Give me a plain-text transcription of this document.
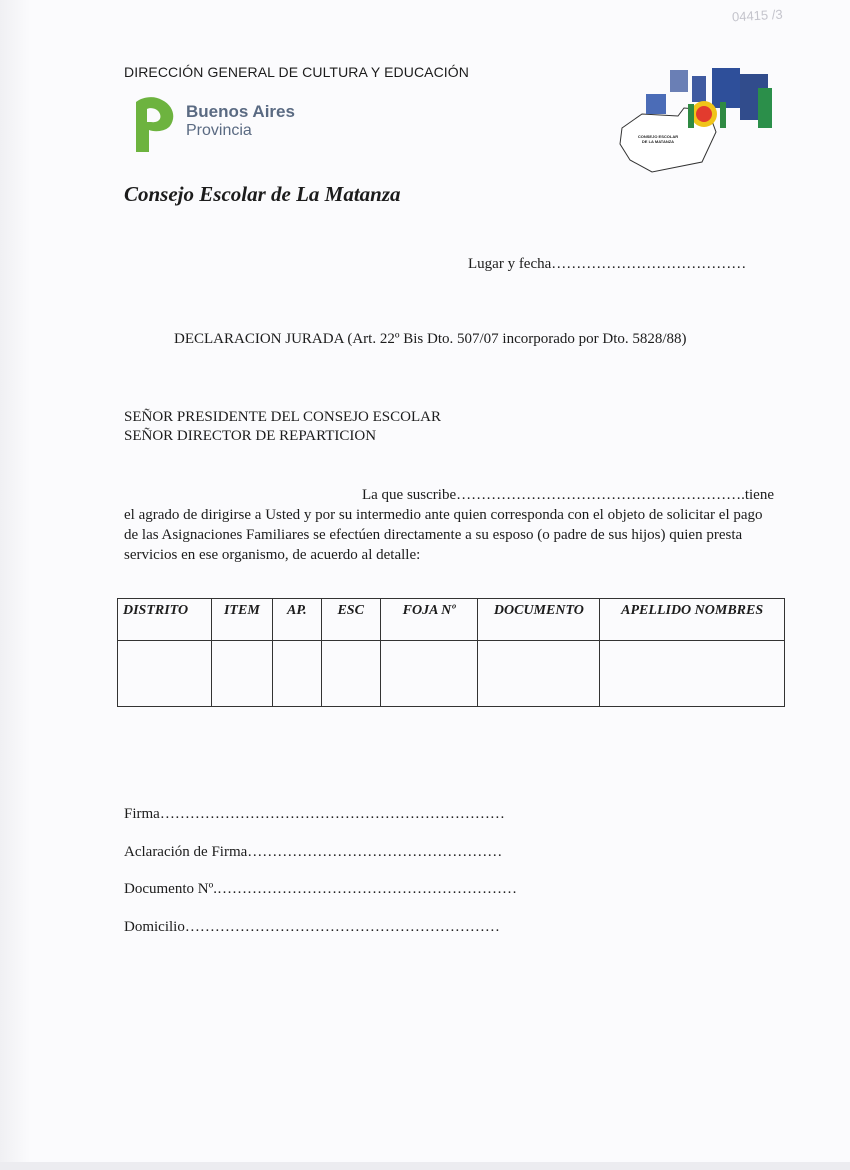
04415 /3
DIRECCIÓN GENERAL DE CULTURA Y EDUCACIÓN
Buenos Aires
Provincia	CONSEJO ESCOLAR DE LA MATANZA
Consejo Escolar de La Matanza
Lugar y fecha…………………………………
DECLARACION JURADA (Art. 22º Bis Dto. 507/07 incorporado por Dto. 5828/88)
SEÑOR PRESIDENTE DEL CONSEJO ESCOLAR
SEÑOR DIRECTOR DE REPARTICION
La que suscribe………………………………………………….tiene
el agrado de dirigirse a Usted y por su intermedio ante quien corresponda con el objeto de solicitar el pago de las Asignaciones Familiares se efectúen directamente a su esposo (o padre de sus hijos) quien presta servicios en ese organismo, de acuerdo al detalle:
DISTRITO	ITEM	AP.	ESC	FOJA Nº	DOCUMENTO	APELLIDO NOMBRES

Firma……………………………………………………………
Aclaración de Firma……………………………………………
Documento Nº.……………………………………………………
Domicilio………………………………………………………
